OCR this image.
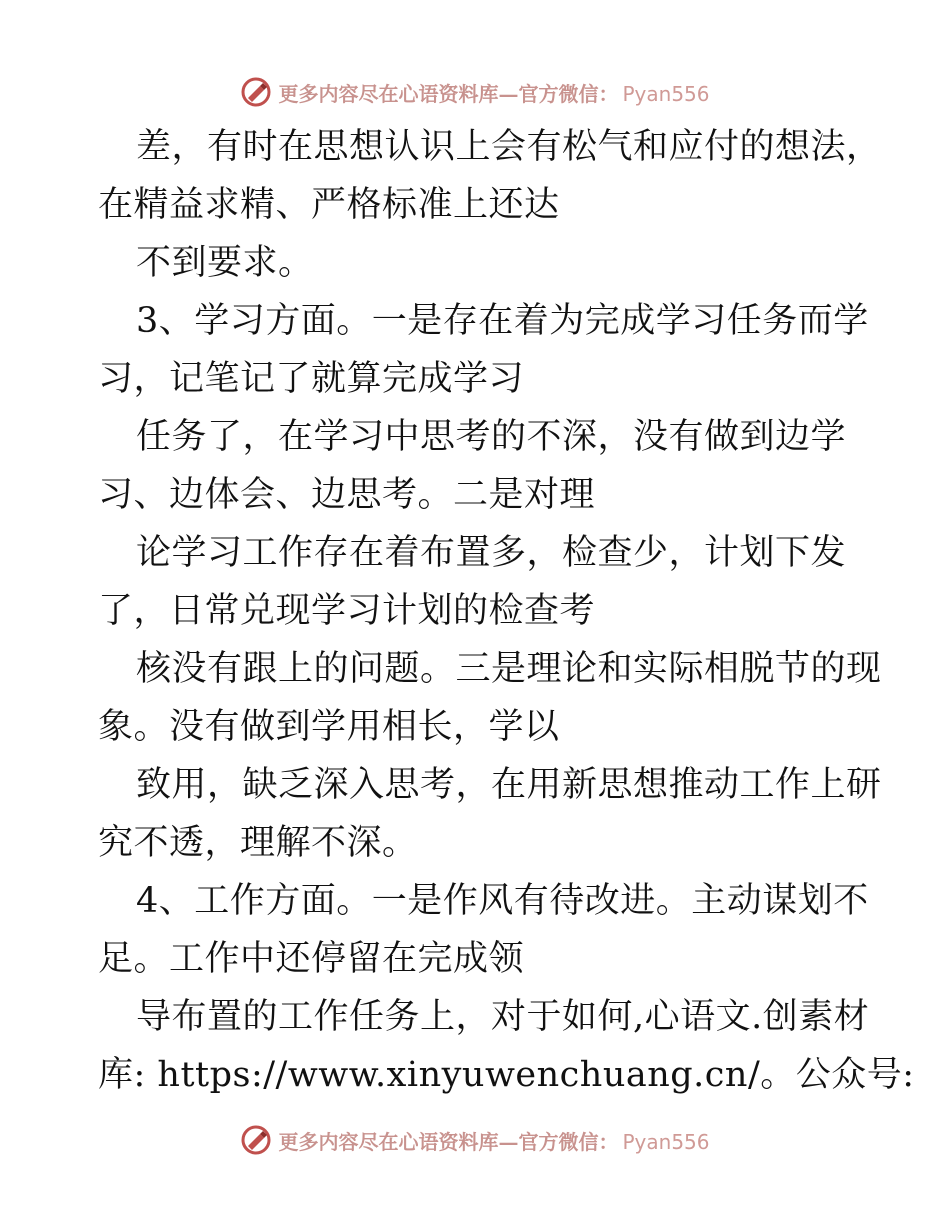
更多内容尽在心语资料库—官方微信： Pyan556
差，有时在思想认识上会有松气和应付的想法，
在精益求精、严格标准上还达
不到要求。
3、学习方面。一是存在着为完成学习任务而学
习，记笔记了就算完成学习
任务了，在学习中思考的不深，没有做到边学
习、边体会、边思考。二是对理
论学习工作存在着布置多，检查少，计划下发
了，日常兑现学习计划的检查考
核没有跟上的问题。三是理论和实际相脱节的现
象。没有做到学用相长，学以
致用，缺乏深入思考，在用新思想推动工作上研
究不透，理解不深。
4、工作方面。一是作风有待改进。主动谋划不
足。工作中还停留在完成领
导布置的工作任务上，对于如何,心语文.创素材
库: https://www.xinyuwenchuang.cn/。公众号:
更多内容尽在心语资料库—官方微信： Pyan556
